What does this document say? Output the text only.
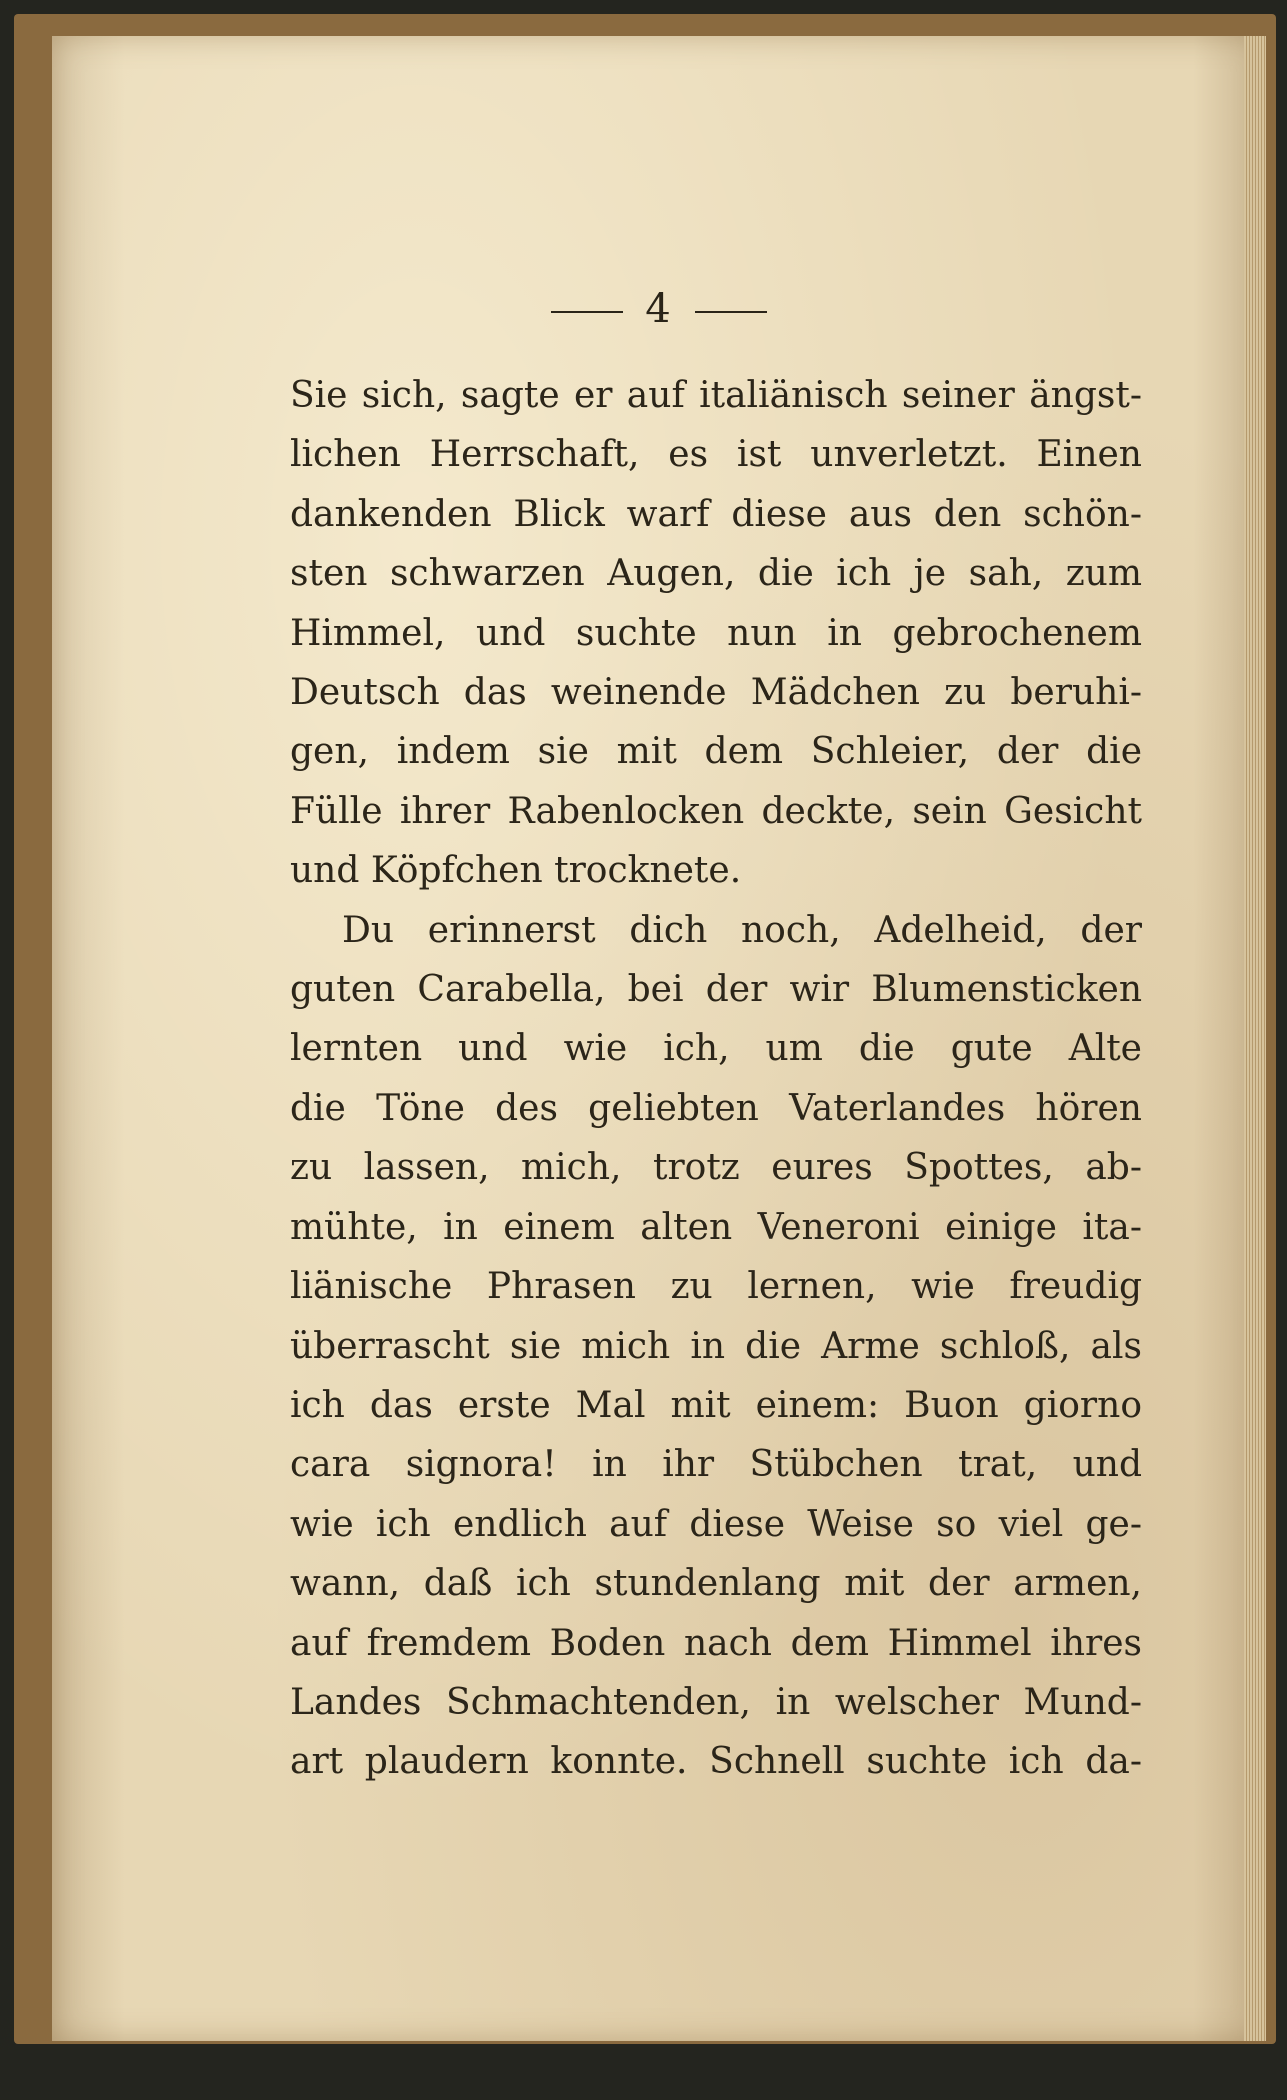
4
Sie sich, sagte er auf italiänisch seiner ängst-
lichen Herrschaft, es ist unverletzt. Einen
dankenden Blick warf diese aus den schön-
sten schwarzen Augen, die ich je sah, zum
Himmel, und suchte nun in gebrochenem
Deutsch das weinende Mädchen zu beruhi-
gen, indem sie mit dem Schleier, der die
Fülle ihrer Rabenlocken deckte, sein Gesicht
und Köpfchen trocknete.
Du erinnerst dich noch, Adelheid, der
guten Carabella, bei der wir Blumensticken
lernten und wie ich, um die gute Alte
die Töne des geliebten Vaterlandes hören
zu lassen, mich, trotz eures Spottes, ab-
mühte, in einem alten Veneroni einige ita-
liänische Phrasen zu lernen, wie freudig
überrascht sie mich in die Arme schloß, als
ich das erste Mal mit einem: Buon giorno
cara signora! in ihr Stübchen trat, und
wie ich endlich auf diese Weise so viel ge-
wann, daß ich stundenlang mit der armen,
auf fremdem Boden nach dem Himmel ihres
Landes Schmachtenden, in welscher Mund-
art plaudern konnte. Schnell suchte ich da-
